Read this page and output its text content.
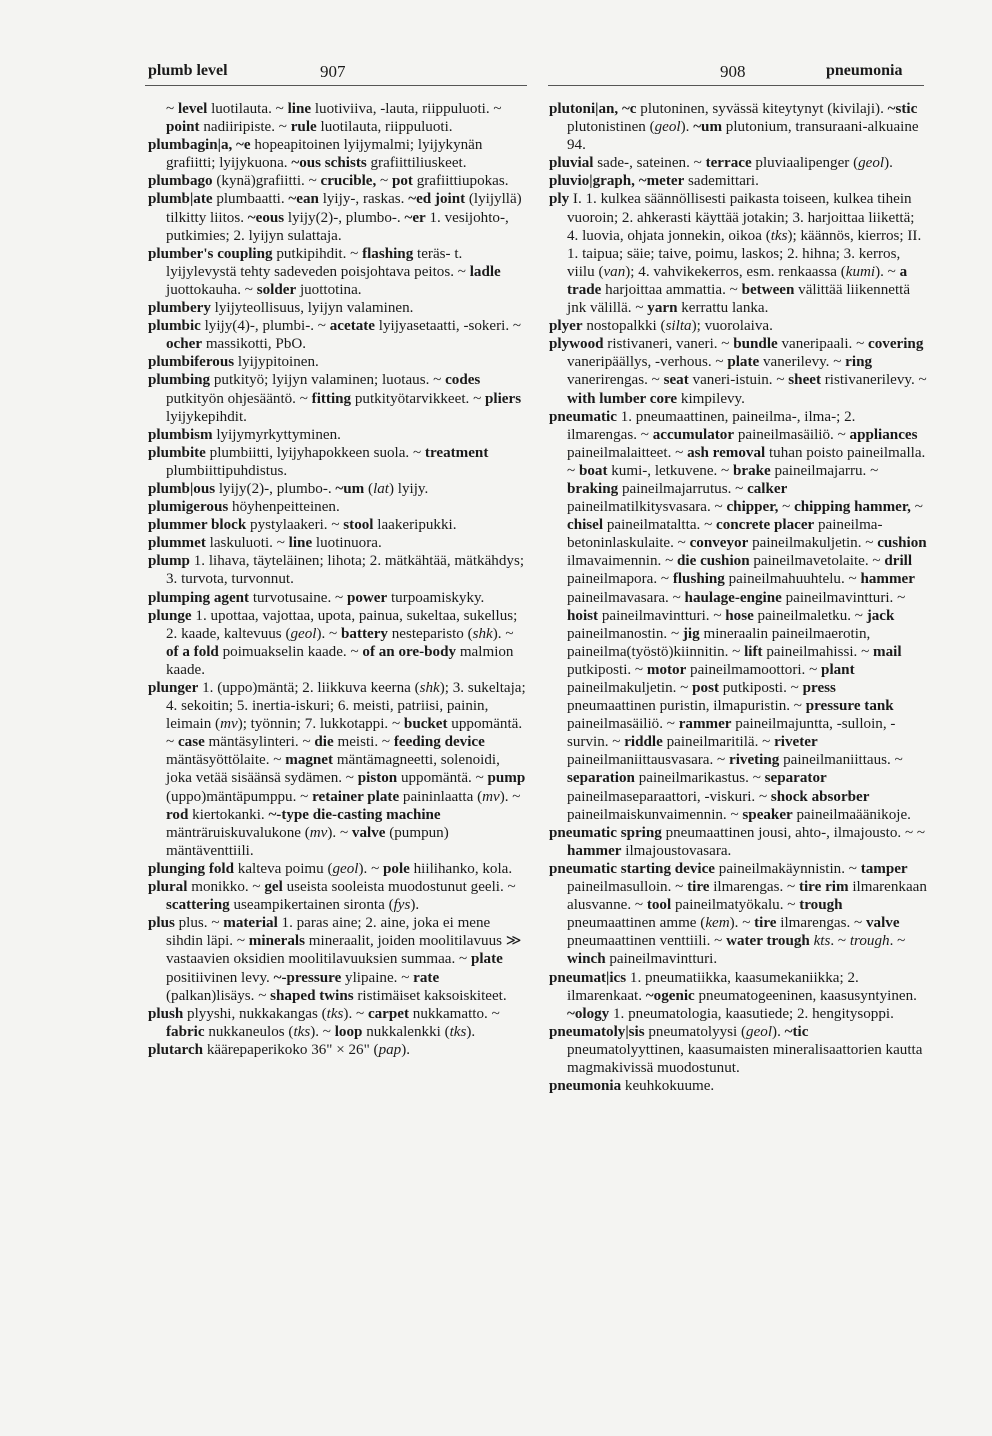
plumb level	907	908	pneumonia

~ level luotilauta. ~ line luotiviiva, -lauta, riippuluoti. ~ point nadiiripiste. ~ rule luotilauta, riippuluoti.

plumbagin|a, ~e hopeapitoinen lyijymalmi; lyijykynän grafiitti; lyijykuona. ~ous schists grafiittiliuskeet.

plumbago (kynä)grafiitti. ~ crucible, ~ pot grafiittiupokas.

plumb|ate plumbaatti. ~ean lyijy-, raskas. ~ed joint (lyijyllä) tilkitty liitos. ~eous lyijy(2)-, plumbo-. ~er 1. vesijohto-, putkimies; 2. lyijyn sulattaja.

plumber's coupling putkipihdit. ~ flashing teräs- t. lyijylevystä tehty sadeveden poisjohtava peitos. ~ ladle juottokauha. ~ solder juottotina.

plumbery lyijyteollisuus, lyijyn valaminen.

plumbic lyijy(4)-, plumbi-. ~ acetate lyijyasetaatti, -sokeri. ~ ocher massikotti, PbO.

plumbiferous lyijypitoinen.

plumbing putkityö; lyijyn valaminen; luotaus. ~ codes putkityön ohjesääntö. ~ fitting putkityötarvikkeet. ~ pliers lyijykepihdit.

plumbism lyijymyrkyttyminen.

plumbite plumbiitti, lyijyhapokkeen suola. ~ treatment plumbiittipuhdistus.

plumb|ous lyijy(2)-, plumbo-. ~um (lat) lyijy.

plumigerous höyhenpeitteinen.

plummer block pystylaakeri. ~ stool laakeripukki.

plummet laskuluoti. ~ line luotinuora.

plump 1. lihava, täyteläinen; lihota; 2. mätkähtää, mätkähdys; 3. turvota, turvonnut.

plumping agent turvotusaine. ~ power turpoamiskyky.

plunge 1. upottaa, vajottaa, upota, painua, sukeltaa, sukellus; 2. kaade, kaltevuus (geol). ~ battery nesteparisto (shk). ~ of a fold poimuakselin kaade. ~ of an ore-body malmion kaade.

plunger 1. (uppo)mäntä; 2. liikkuva keerna (shk); 3. sukeltaja; 4. sekoitin; 5. inertia-iskuri; 6. meisti, patriisi, painin, leimain (mv); työnnin; 7. lukkotappi. ~ bucket uppomäntä. ~ case mäntäsylinteri. ~ die meisti. ~ feeding device mäntäsyöttölaite. ~ magnet mäntämagneetti, solenoidi, joka vetää sisäänsä sydämen. ~ piston uppomäntä. ~ pump (uppo)mäntäpumppu. ~ retainer plate paininlaatta (mv). ~ rod kiertokanki. ~-type die-casting machine mänträruiskuvalukone (mv). ~ valve (pumpun) mäntäventtiili.

plunging fold kalteva poimu (geol). ~ pole hiilihanko, kola.

plural monikko. ~ gel useista sooleista muodostunut geeli. ~ scattering useampikertainen sironta (fys).

plus plus. ~ material 1. paras aine; 2. aine, joka ei mene sihdin läpi. ~ minerals mineraalit, joiden moolitilavuus ≫ vastaavien oksidien moolitilavuuksien summaa. ~ plate positiivinen levy. ~-pressure ylipaine. ~ rate (palkan)lisäys. ~ shaped twins ristimäiset kaksoiskiteet.

plush plyyshi, nukkakangas (tks). ~ carpet nukkamatto. ~ fabric nukkaneulos (tks). ~ loop nukkalenkki (tks).

plutarch käärepaperikoko 36" × 26" (pap).

plutoni|an, ~c plutoninen, syvässä kiteytynyt (kivilaji). ~stic plutonistinen (geol). ~um plutonium, transuraani-alkuaine 94.

pluvial sade-, sateinen. ~ terrace pluviaalipenger (geol).

pluvio|graph, ~meter sademittari.

ply I. 1. kulkea säännöllisesti paikasta toiseen, kulkea tihein vuoroin; 2. ahkerasti käyttää jotakin; 3. harjoittaa liikettä; 4. luovia, ohjata jonnekin, oikoa (tks); käännös, kierros; II. 1. taipua; säie; taive, poimu, laskos; 2. hihna; 3. kerros, viilu (van); 4. vahvikekerros, esm. renkaassa (kumi). ~ a trade harjoittaa ammattia. ~ between välittää liikennettä jnk välillä. ~ yarn kerrattu lanka.

plyer nostopalkki (silta); vuorolaiva.

plywood ristivaneri, vaneri. ~ bundle vaneripaali. ~ covering vaneripäällys, -verhous. ~ plate vanerilevy. ~ ring vanerirengas. ~ seat vaneri-istuin. ~ sheet ristivanerilevy. ~ with lumber core kimpilevy.

pneumatic 1. pneumaattinen, paineilma-, ilma-; 2. ilmarengas. ~ accumulator paineilmasäiliö. ~ appliances paineilmalaitteet. ~ ash removal tuhan poisto paineilmalla. ~ boat kumi-, letkuvene. ~ brake paineilmajarru. ~ braking paineilmajarrutus. ~ calker paineilmatilkitysvasara. ~ chipper, ~ chipping hammer, ~ chisel paineilmataltta. ~ concrete placer paineilma-betoninlaskulaite. ~ conveyor paineilmakuljetin. ~ cushion ilmavaimennin. ~ die cushion paineilmavetolaite. ~ drill paineilmapora. ~ flushing paineilmahuuhtelu. ~ hammer paineilmavasara. ~ haulage-engine paineilmavintturi. ~ hoist paineilmavintturi. ~ hose paineilmaletku. ~ jack paineilmanostin. ~ jig mineraalin paineilmaerotin, paineilma(työstö)kiinnitin. ~ lift paineilmahissi. ~ mail putkiposti. ~ motor paineilmamoottori. ~ plant paineilmakuljetin. ~ post putkiposti. ~ press pneumaattinen puristin, ilmapuristin. ~ pressure tank paineilmasäiliö. ~ rammer paineilmajuntta, -sulloin, -survin. ~ riddle paineilmaritilä. ~ riveter paineilmaniittausvasara. ~ riveting paineilmaniittaus. ~ separation paineilmarikastus. ~ separator paineilmaseparaattori, -viskuri. ~ shock absorber paineilmaiskunvaimennin. ~ speaker paineilmaäänikoje.

pneumatic spring pneumaattinen jousi, ahto-, ilmajousto. ~ ~ hammer ilmajoustovasara.

pneumatic starting device paineilmakäynnistin. ~ tamper paineilmasulloin. ~ tire ilmarengas. ~ tire rim ilmarenkaan alusvanne. ~ tool paineilmatyökalu. ~ trough pneumaattinen amme (kem). ~ tire ilmarengas. ~ valve pneumaattinen venttiili. ~ water trough kts. ~ trough. ~ winch paineilmavintturi.

pneumat|ics 1. pneumatiikka, kaasumekaniikka; 2. ilmarenkaat. ~ogenic pneumatogeeninen, kaasusyntyinen. ~ology 1. pneumatologia, kaasutiede; 2. hengitysoppi.

pneumatoly|sis pneumatolyysi (geol). ~tic pneumatolyyttinen, kaasumaisten mineralisaattorien kautta magmakivissä muodostunut.

pneumonia keuhkokuume.
